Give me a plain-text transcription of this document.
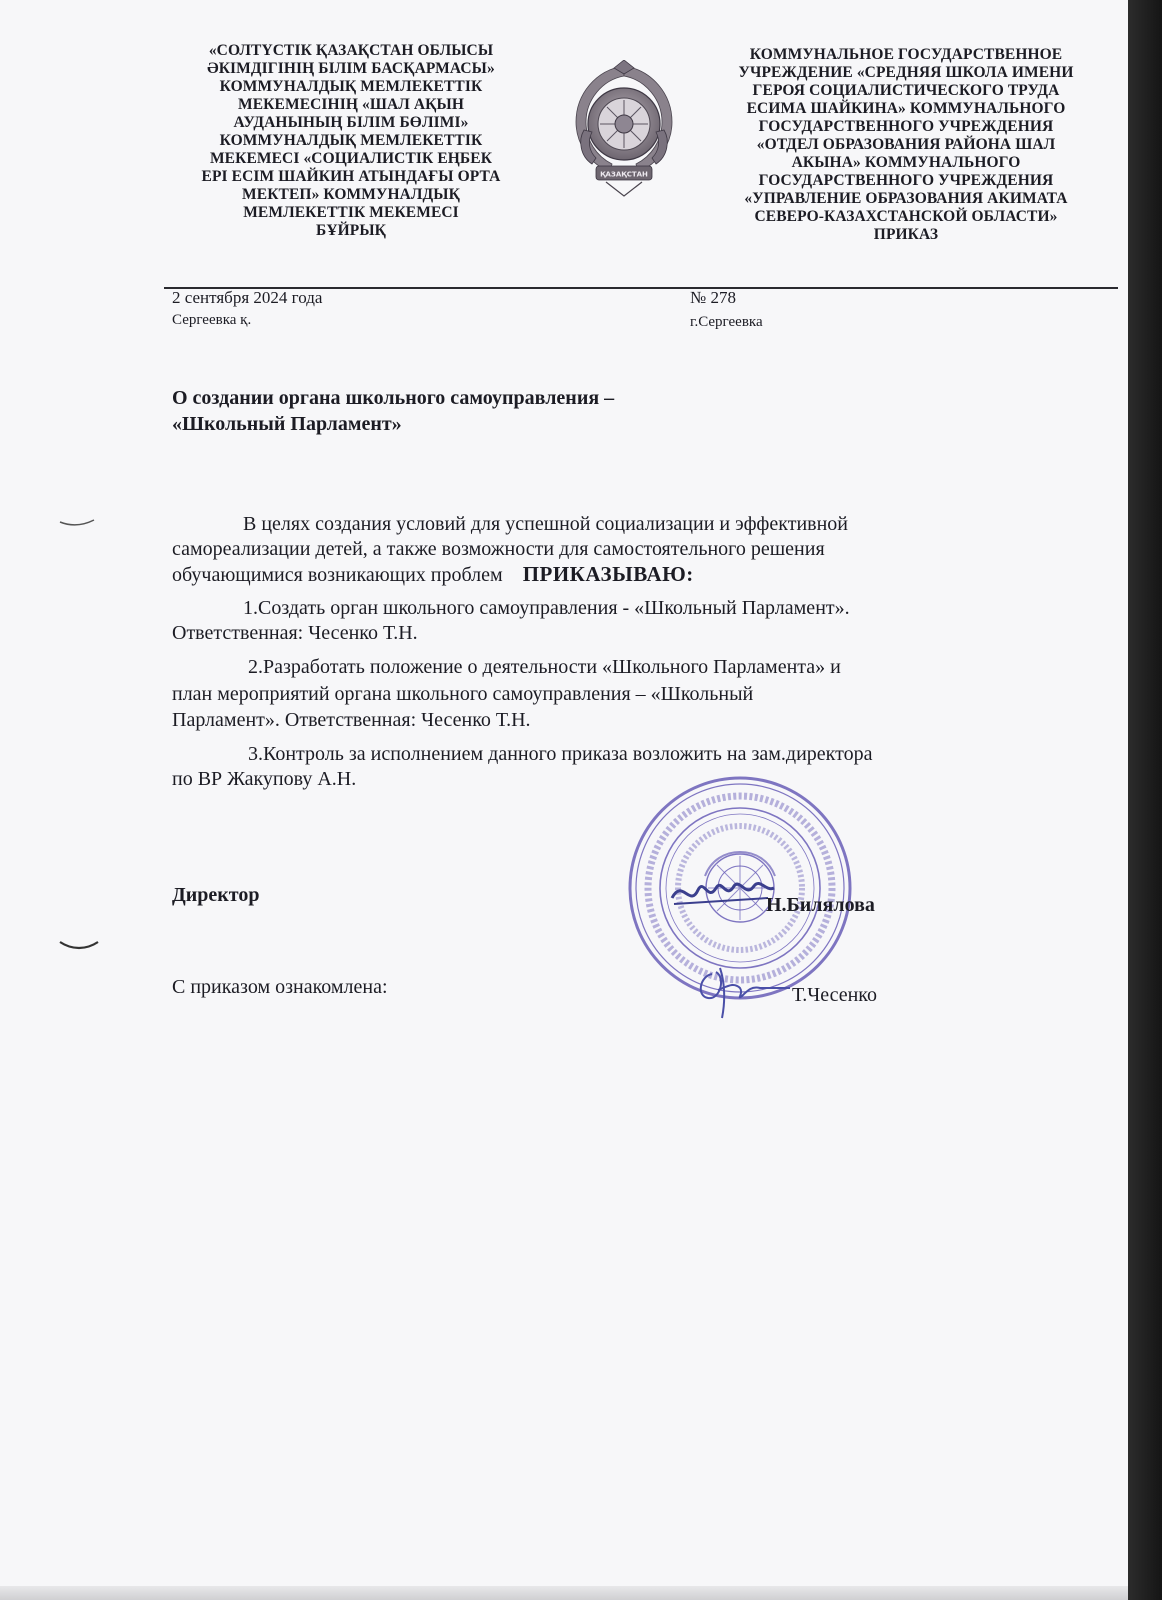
«СОЛТҮСТІК ҚАЗАҚСТАН ОБЛЫСЫ
ӘКІМДІГІНІҢ БІЛІМ БАСҚАРМАСЫ»
КОММУНАЛДЫҚ МЕМЛЕКЕТТІК
МЕКЕМЕСІНІҢ «ШАЛ АҚЫН
АУДАНЫНЫҢ БІЛІМ БӨЛІМІ»
КОММУНАЛДЫҚ МЕМЛЕКЕТТІК
МЕКЕМЕСІ «СОЦИАЛИСТІК ЕҢБЕК
ЕРІ ЕСІМ ШАЙКИН АТЫНДАҒЫ ОРТА
МЕКТЕП» КОММУНАЛДЫҚ
МЕМЛЕКЕТТІК МЕКЕМЕСІ
БҰЙРЫҚ
ҚАЗАҚСТАН
КОММУНАЛЬНОЕ ГОСУДАРСТВЕННОЕ
УЧРЕЖДЕНИЕ «СРЕДНЯЯ ШКОЛА ИМЕНИ
ГЕРОЯ СОЦИАЛИСТИЧЕСКОГО ТРУДА
ЕСИМА ШАЙКИНА» КОММУНАЛЬНОГО
ГОСУДАРСТВЕННОГО УЧРЕЖДЕНИЯ
«ОТДЕЛ ОБРАЗОВАНИЯ РАЙОНА ШАЛ
АКЫНА» КОММУНАЛЬНОГО
ГОСУДАРСТВЕННОГО УЧРЕЖДЕНИЯ
«УПРАВЛЕНИЕ ОБРАЗОВАНИЯ АКИМАТА
СЕВЕРО-КАЗАХСТАНСКОЙ ОБЛАСТИ»
ПРИКАЗ
2 сентября 2024 года
Сергеевка қ.
№ 278
г.Сергеевка
О создании органа школьного самоуправления –
«Школьный Парламент»
В целях создания условий для успешной социализации и эффективной
самореализации детей, а также возможности для самостоятельного решения
обучающимися возникающих проблем ПРИКАЗЫВАЮ:
1.Создать орган школьного самоуправления - «Школьный Парламент».
Ответственная: Чесенко Т.Н.
2.Разработать положение о деятельности «Школьного Парламента» и
план мероприятий органа школьного самоуправления – «Школьный
Парламент». Ответственная: Чесенко Т.Н.
3.Контроль за исполнением данного приказа возложить на зам.директора
по ВР Жакупову А.Н.
Директор	Н.Билялова
С приказом ознакомлена:	Т.Чесенко
